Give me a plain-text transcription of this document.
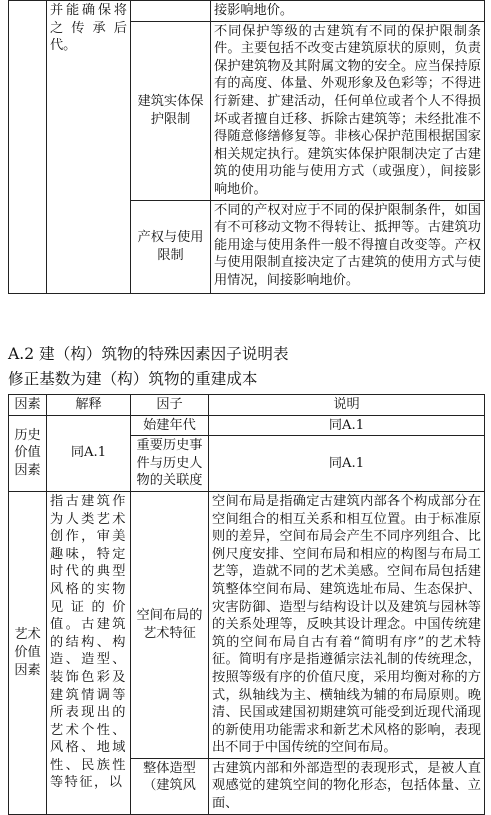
	并能确保将之传承后代。		接影响地价。
		建筑实体保护限制	不同保护等级的古建筑有不同的保护限制条件。主要包括不改变古建筑原状的原则，负责保护建筑物及其附属文物的安全。应当保持原有的高度、体量、外观形象及色彩等；不得进行新建、扩建活动，任何单位或者个人不得损坏或者擅自迁移、拆除古建筑等；未经批准不得随意修缮修复等。非核心保护范围根据国家相关规定执行。建筑实体保护限制决定了古建筑的使用功能与使用方式（或强度），间接影响地价。
		产权与使用限制	不同的产权对应于不同的保护限制条件，如国有不可移动文物不得转让、抵押等。古建筑功能用途与使用条件一般不得擅自改变等。产权与使用限制直接决定了古建筑的使用方式与使用情况，间接影响地价。
A.2 建（构）筑物的特殊因素因子说明表
修正基数为建（构）筑物的重建成本
因素	解释	因子	说明
历史价值因素	同A.1	始建年代	同A.1
		重要历史事件与历史人物的关联度	同A.1
艺术价值因素	指古建筑作为人类艺术创作，审美趣味，特定时代的典型风格的实物见证的价值。古建筑的结构、构造、造型、装饰色彩及建筑情调等所表现出的艺术个性、风格、地域性、民族性等特征，以	空间布局的艺术特征	空间布局是指确定古建筑内部各个构成部分在空间组合的相互关系和相互位置。由于标准原则的差异，空间布局会产生不同序列组合、比例尺度安排、空间布局和相应的构图与布局工艺等，造就不同的艺术美感。空间布局包括建筑整体空间布局、建筑选址布局、生态保护、灾害防御、造型与结构设计以及建筑与园林等的关系处理等，反映其设计理念。中国传统建筑的空间布局自古有着“简明有序”的艺术特征。简明有序是指遵循宗法礼制的传统理念，按照等级有序的价值尺度，采用均衡对称的方式，纵轴线为主、横轴线为辅的布局原则。晚清、民国或建国初期建筑可能受到近现代涌现的新使用功能需求和新艺术风格的影响，表现出不同于中国传统的空间布局。
		整体造型（建筑风	古建筑内部和外部造型的表现形式，是被人直观感觉的建筑空间的物化形态，包括体量、立面、
